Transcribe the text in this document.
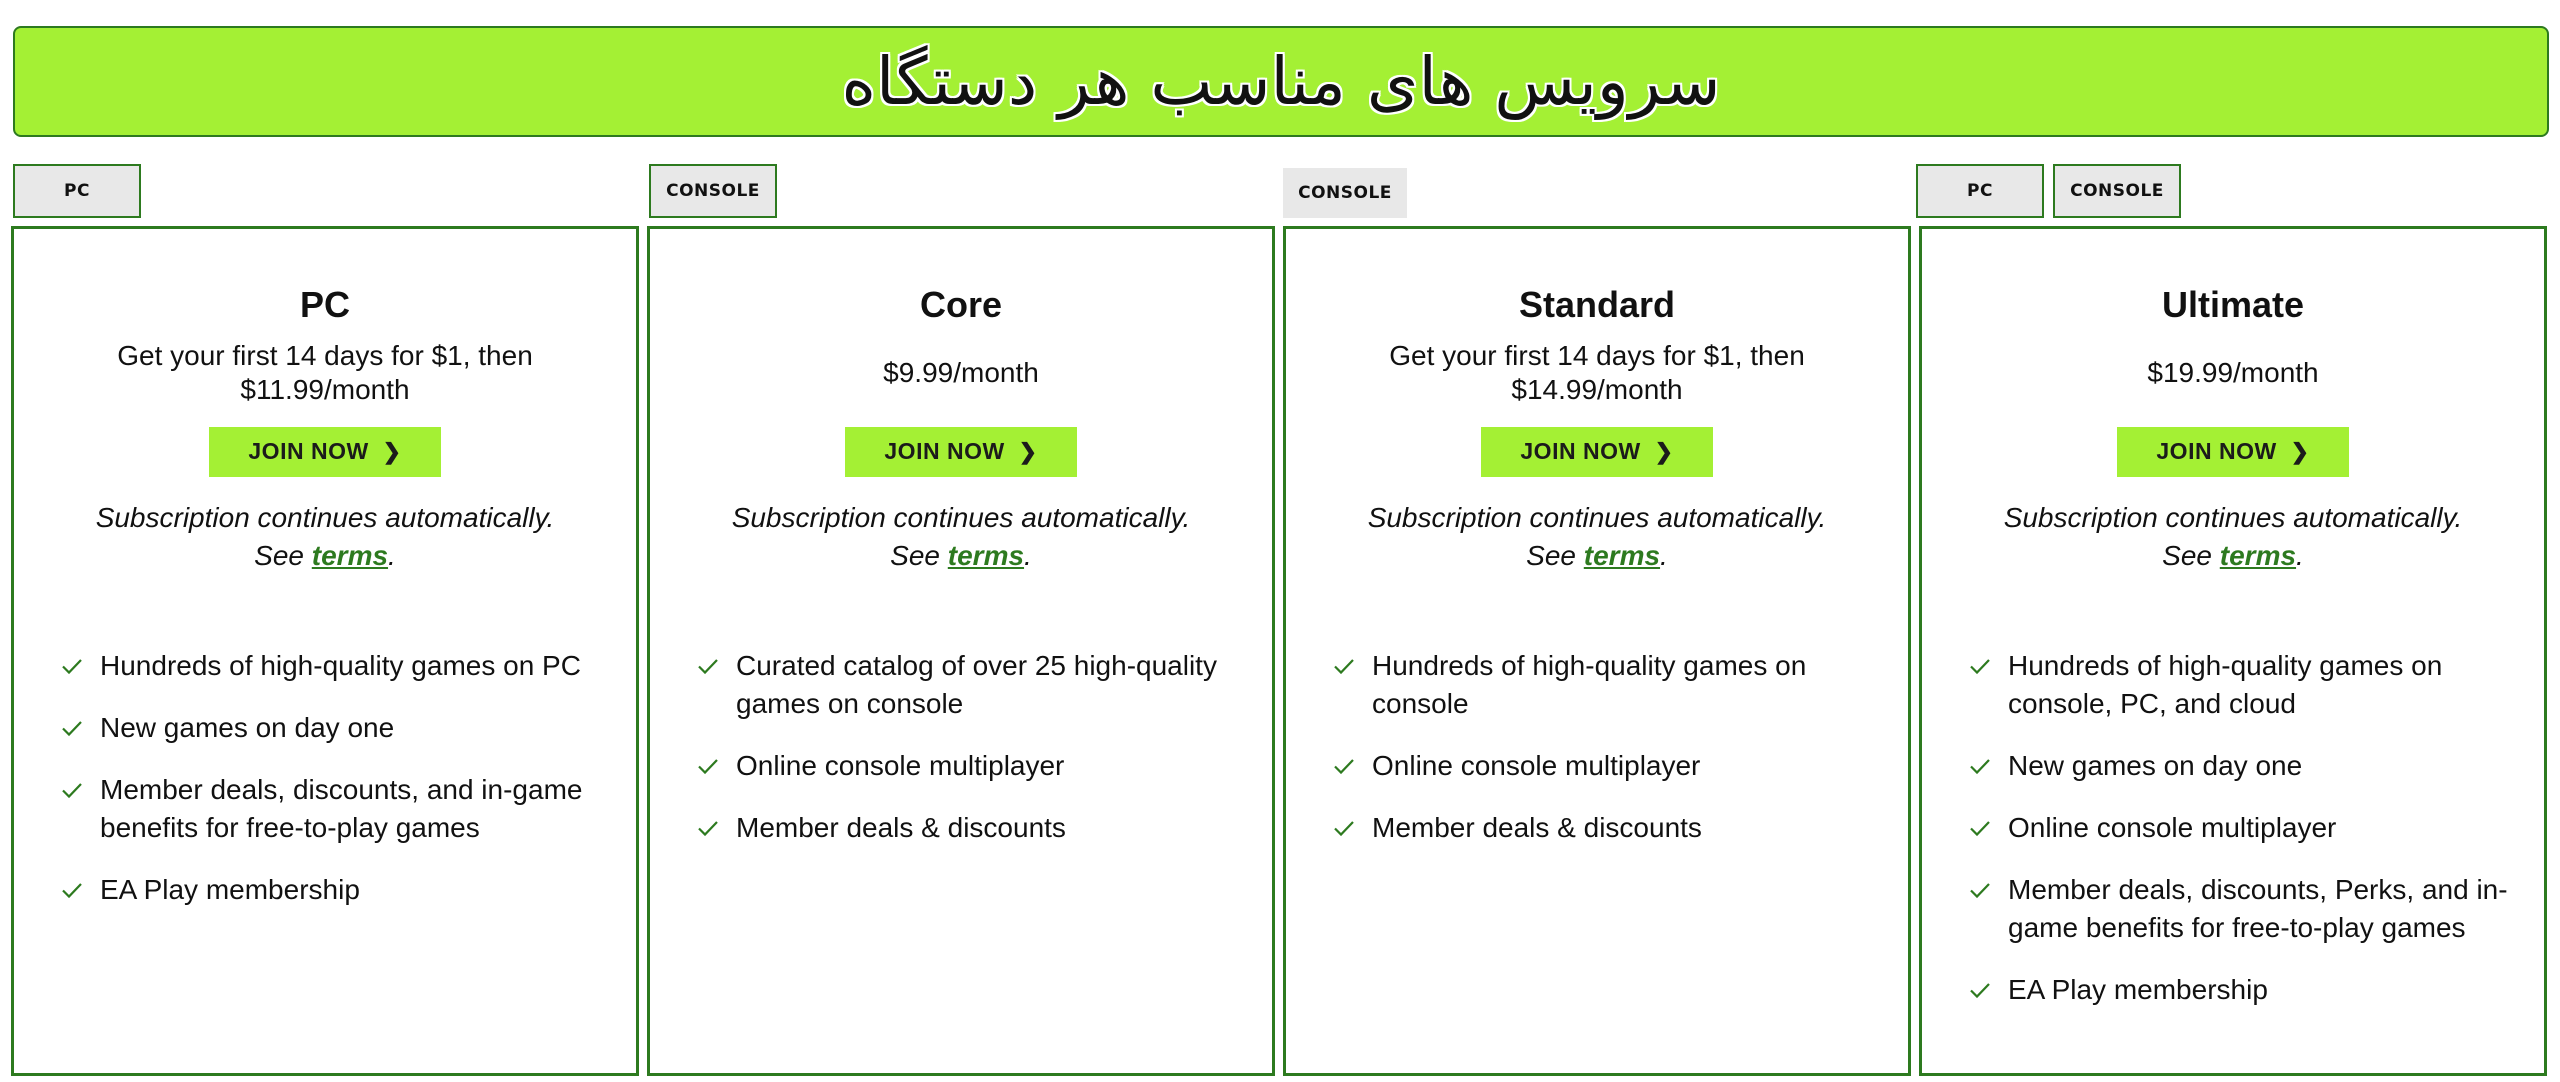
سرویس های مناسب هر دستگاه
PC
PC
Get your first 14 days for $1, then $11.99/month
JOIN NOW ❯
Subscription continues automatically.
See terms.
Hundreds of high-quality games on PC
New games on day one
Member deals, discounts, and in-game benefits for free-to-play games
EA Play membership
CONSOLE
Core
$9.99/month
JOIN NOW ❯
Subscription continues automatically.
See terms.
Curated catalog of over 25 high-quality games on console
Online console multiplayer
Member deals & discounts
CONSOLE
Standard
Get your first 14 days for $1, then $14.99/month
JOIN NOW ❯
Subscription continues automatically.
See terms.
Hundreds of high-quality games on console
Online console multiplayer
Member deals & discounts
PC	CONSOLE
Ultimate
$19.99/month
JOIN NOW ❯
Subscription continues automatically.
See terms.
Hundreds of high-quality games on console, PC, and cloud
New games on day one
Online console multiplayer
Member deals, discounts, Perks, and in-game benefits for free-to-play games
EA Play membership
